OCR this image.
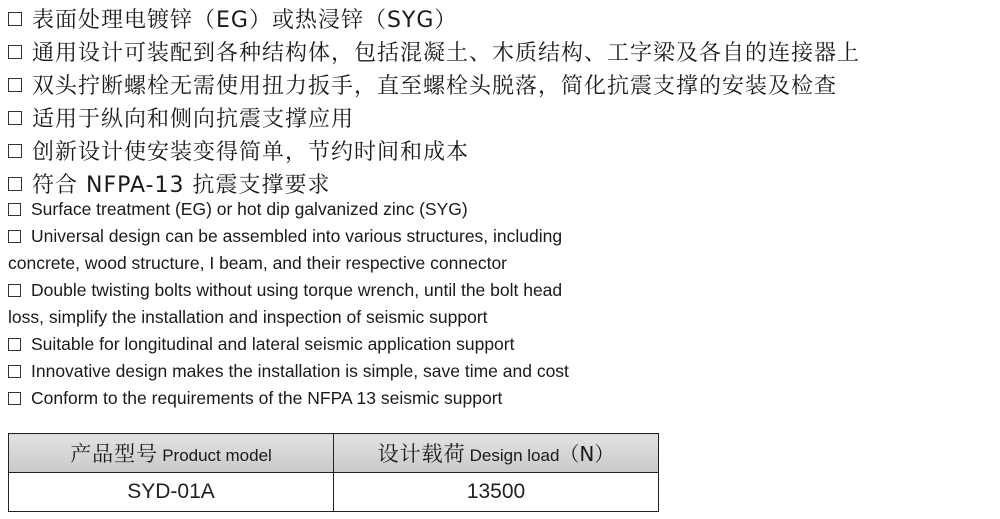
表面处理电镀锌（EG）或热浸锌（SYG）
通用设计可装配到各种结构体，包括混凝土、木质结构、工字梁及各自的连接器上
双头拧断螺栓无需使用扭力扳手，直至螺栓头脱落，简化抗震支撑的安装及检查
适用于纵向和侧向抗震支撑应用
创新设计使安装变得简单，节约时间和成本
符合 NFPA-13 抗震支撑要求
Surface treatment (EG) or hot dip galvanized zinc (SYG)
Universal design can be assembled into various structures, including
concrete, wood structure, I beam, and their respective connector
Double twisting bolts without using torque wrench, until the bolt head
loss, simplify the installation and inspection of seismic support
Suitable for longitudinal and lateral seismic application support
Innovative design makes the installation is simple, save time and cost
Conform to the requirements of the NFPA 13 seismic support
产品型号 Product model	设计载荷 Design load（N）
SYD-01A	13500
